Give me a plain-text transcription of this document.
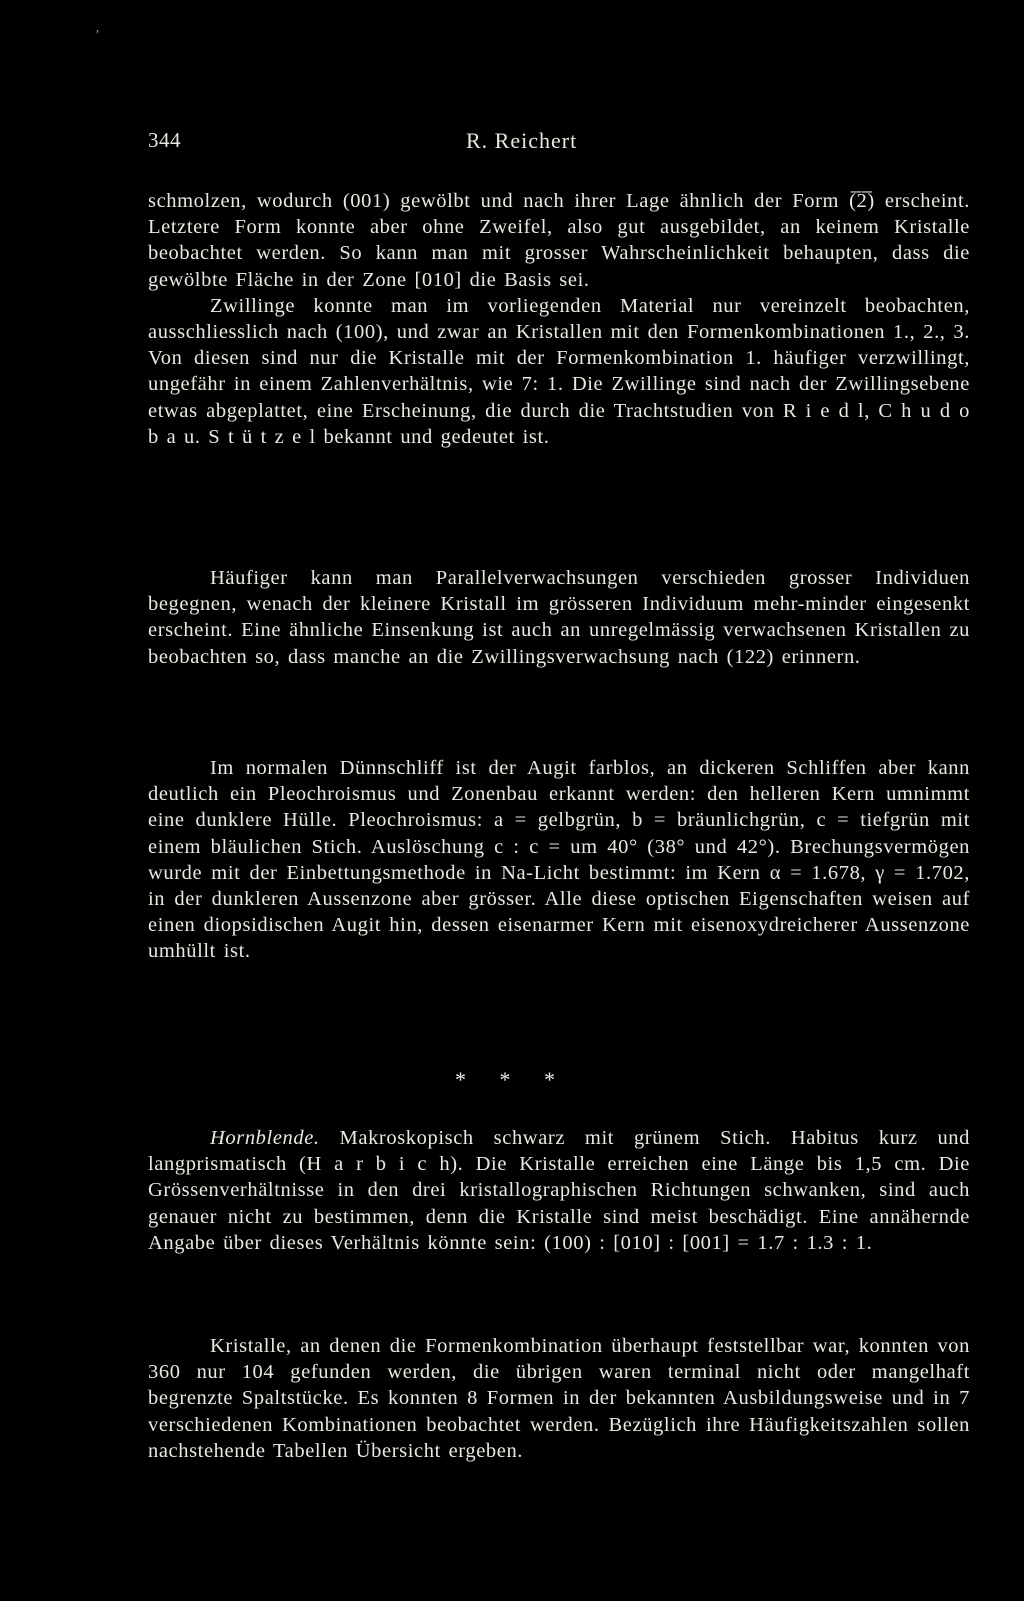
’
344	R. Reichert

schmolzen, wodurch (001) gewölbt und nach ihrer Lage ähnlich der Form (̅2̅) erscheint. Letztere Form konnte aber ohne Zweifel, also gut ausgebildet, an keinem Kristalle beobachtet werden. So kann man mit grosser Wahrscheinlichkeit behaupten, dass die gewölbte Fläche in der Zone [010] die Basis sei.

Zwillinge konnte man im vorliegenden Material nur vereinzelt beobachten, ausschliesslich nach (100), und zwar an Kristallen mit den Formenkombinationen 1., 2., 3. Von diesen sind nur die Kristalle mit der Formenkombination 1. häufiger verzwillingt, ungefähr in einem Zahlenverhältnis, wie 7: 1. Die Zwillinge sind nach der Zwillingsebene etwas abgeplattet, eine Erscheinung, die durch die Trachtstudien von R i e d l, C h u d o b a u. S t ü t z e l bekannt und gedeutet ist.

Häufiger kann man Parallelverwachsungen verschieden grosser Individuen begegnen, wenach der kleinere Kristall im grösseren Individuum mehr-minder eingesenkt erscheint. Eine ähnliche Einsenkung ist auch an unregelmässig verwachsenen Kristallen zu beobachten so, dass manche an die Zwillingsverwachsung nach (122) erinnern.

Im normalen Dünnschliff ist der Augit farblos, an dickeren Schliffen aber kann deutlich ein Pleochroismus und Zonenbau erkannt werden: den helleren Kern umnimmt eine dunklere Hülle. Pleochroismus: a = gelbgrün, b = bräunlichgrün, c = tiefgrün mit einem bläulichen Stich. Auslöschung c : c = um 40° (38° und 42°). Brechungsvermögen wurde mit der Einbettungsmethode in Na-Licht bestimmt: im Kern α = 1.678, γ = 1.702, in der dunkleren Aussenzone aber grösser. Alle diese optischen Eigenschaften weisen auf einen diopsidischen Augit hin, dessen eisenarmer Kern mit eisenoxydreicherer Aussenzone umhüllt ist.

* * *

Hornblende. Makroskopisch schwarz mit grünem Stich. Habitus kurz und langprismatisch (H a r b i c h). Die Kristalle erreichen eine Länge bis 1,5 cm. Die Grössenverhältnisse in den drei kristallographischen Richtungen schwanken, sind auch genauer nicht zu bestimmen, denn die Kristalle sind meist beschädigt. Eine annähernde Angabe über dieses Verhältnis könnte sein: (100) : [010] : [001] = 1.7 : 1.3 : 1.

Kristalle, an denen die Formenkombination überhaupt feststellbar war, konnten von 360 nur 104 gefunden werden, die übrigen waren terminal nicht oder mangelhaft begrenzte Spaltstücke. Es konnten 8 Formen in der bekannten Ausbildungsweise und in 7 verschiedenen Kombinationen beobachtet werden. Bezüglich ihre Häufigkeitszahlen sollen nachstehende Tabellen Übersicht ergeben.
